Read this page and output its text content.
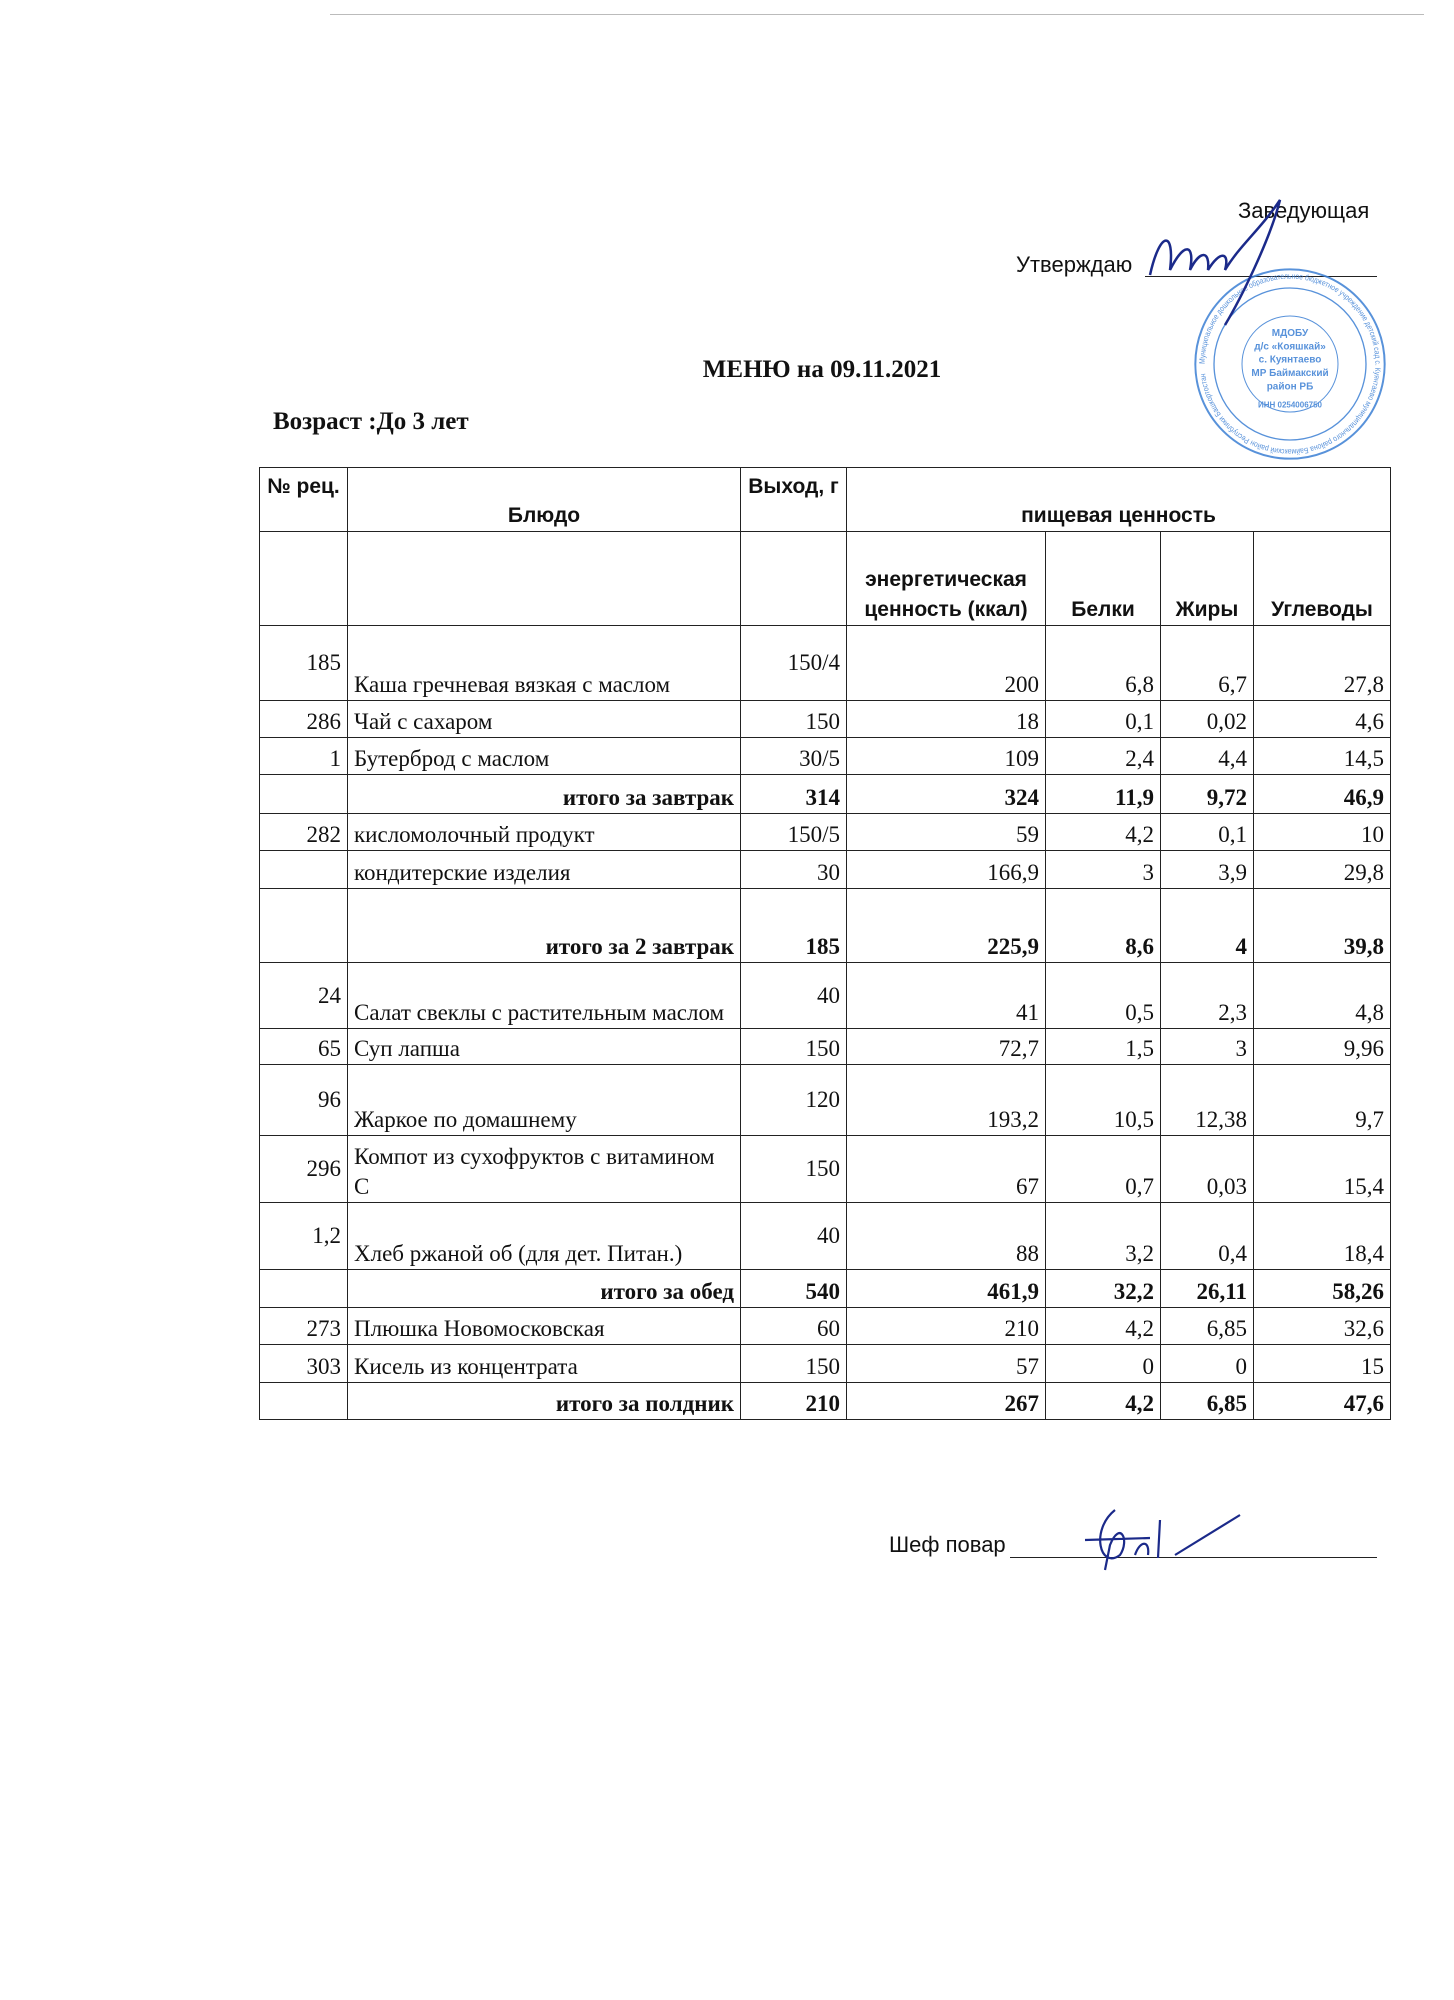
Заведующая
Утверждаю
Муниципальное дошкольное образовательное бюджетное учреждение детский сад с. Куянтаево муниципального района Баймакский район Республики Башкортостан
МДОБУ
д/с «Кояшкай»
с. Куянтаево
МР Баймакский
район РБ
ИНН 0254006750
МЕНЮ на 09.11.2021
Возраст :До 3 лет
№ рец.	Блюдо	Выход, г	пищевая ценность			
			энергетическая ценность (ккал)	Белки	Жиры	Углеводы
185	Каша гречневая вязкая с маслом	150/4	200	6,8	6,7	27,8
286	Чай с сахаром	150	18	0,1	0,02	4,6
1	Бутерброд с маслом	30/5	109	2,4	4,4	14,5
	итого за завтрак	314	324	11,9	9,72	46,9
282	кисломолочный продукт	150/5	59	4,2	0,1	10
	кондитерские изделия	30	166,9	3	3,9	29,8
	итого за 2 завтрак	185	225,9	8,6	4	39,8
24	Салат свеклы с растительным маслом	40	41	0,5	2,3	4,8
65	Суп лапша	150	72,7	1,5	3	9,96
96	Жаркое по домашнему	120	193,2	10,5	12,38	9,7
296	Компот из сухофруктов с витамином С	150	67	0,7	0,03	15,4
1,2	Хлеб ржаной об (для дет. Питан.)	40	88	3,2	0,4	18,4
	итого за обед	540	461,9	32,2	26,11	58,26
273	Плюшка Новомосковская	60	210	4,2	6,85	32,6
303	Кисель из концентрата	150	57	0	0	15
	итого за полдник	210	267	4,2	6,85	47,6
Шеф повар
